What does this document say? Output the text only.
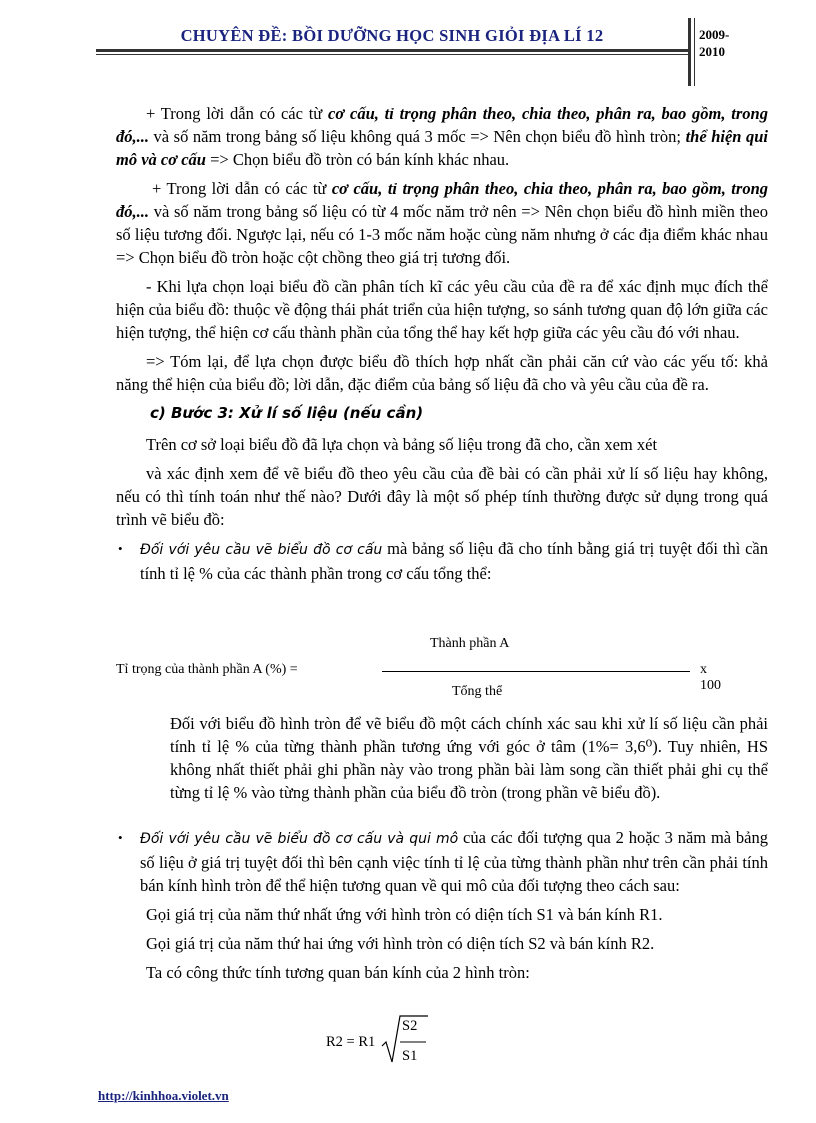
CHUYÊN ĐỀ: BỒI DƯỠNG HỌC SINH GIỎI ĐỊA LÍ 12	2009-
2010

+ Trong lời dẫn có các từ cơ cấu, tỉ trọng phân theo, chia theo, phân ra, bao gồm, trong đó,... và số năm trong bảng số liệu không quá 3 mốc => Nên chọn biểu đồ hình tròn; thể hiện qui mô và cơ cấu => Chọn biểu đồ tròn có bán kính khác nhau.

+ Trong lời dẫn có các từ cơ cấu, tỉ trọng phân theo, chia theo, phân ra, bao gồm, trong đó,... và số năm trong bảng số liệu có từ 4 mốc năm trở nên => Nên chọn biểu đồ hình miền theo số liệu tương đối. Ngược lại, nếu có 1-3 mốc năm hoặc cùng năm nhưng ở các địa điểm khác nhau => Chọn biểu đồ tròn hoặc cột chồng theo giá trị tương đối.

- Khi lựa chọn loại biểu đồ cần phân tích kĩ các yêu cầu của đề ra để xác định mục đích thể hiện của biểu đồ: thuộc về động thái phát triển của hiện tượng, so sánh tương quan độ lớn giữa các hiện tượng, thể hiện cơ cấu thành phần của tổng thể hay kết hợp giữa các yêu cầu đó với nhau.

=> Tóm lại, để lựa chọn được biểu đồ thích hợp nhất cần phải căn cứ vào các yếu tố: khả năng thể hiện của biểu đồ; lời dẫn, đặc điểm của bảng số liệu đã cho và yêu cầu của đề ra.

c) Bước 3: Xử lí số liệu (nếu cần)

Trên cơ sở loại biểu đồ đã lựa chọn và bảng số liệu trong đã cho, cần xem xét

và xác định xem để vẽ biểu đồ theo yêu cầu của đề bài có cần phải xử lí số liệu hay không, nếu có thì tính toán như thế nào? Dưới đây là một số phép tính thường được sử dụng trong quá trình vẽ biểu đồ:

• Đối với yêu cầu vẽ biểu đồ cơ cấu mà bảng số liệu đã cho tính bằng giá trị tuyệt đối thì cần tính tỉ lệ % của các thành phần trong cơ cấu tổng thể:

Tỉ trọng của thành phần A (%) =
Thành phần A
Tổng thể
x 100
Đối với biểu đồ hình tròn để vẽ biểu đồ một cách chính xác sau khi xử lí số liệu cần phải tính tỉ lệ % của từng thành phần tương ứng với góc ở tâm (1%= 3,6⁰). Tuy nhiên, HS không nhất thiết phải ghi phần này vào trong phần bài làm song cần thiết phải ghi cụ thể từng tỉ lệ % vào từng thành phần của biểu đồ tròn (trong phần vẽ biểu đồ).

• Đối với yêu cầu vẽ biểu đồ cơ cấu và qui mô của các đối tượng qua 2 hoặc 3 năm mà bảng số liệu ở giá trị tuyệt đối thì bên cạnh việc tính tỉ lệ của từng thành phần như trên cần phải tính bán kính hình tròn để thể hiện tương quan về qui mô của đối tượng theo cách sau:

Gọi giá trị của năm thứ nhất ứng với hình tròn có diện tích S1 và bán kính R1.

Gọi giá trị của năm thứ hai ứng với hình tròn có diện tích S2 và bán kính R2.

Ta có công thức tính tương quan bán kính của 2 hình tròn:

R2 = R1
S2
S1
http://kinhhoa.violet.vn
